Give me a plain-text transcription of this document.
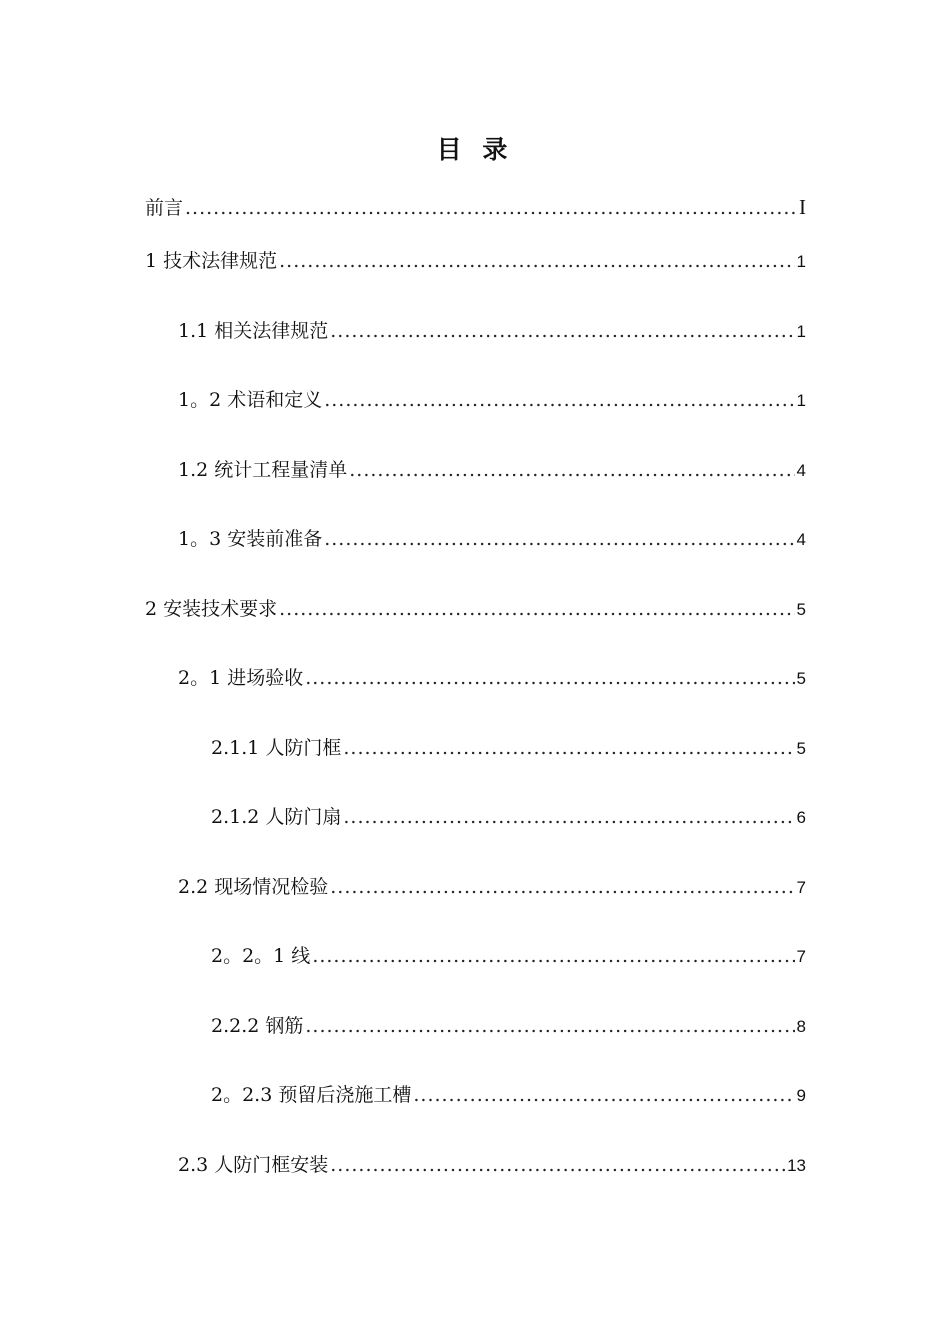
目 录
前言 .....	I
1 技术法律规范 .....	1
1.1 相关法律规范 .....	1
1。2 术语和定义 .....	1
1.2 统计工程量清单 .....	4
1。3 安装前准备 .....	4
2 安装技术要求 .....	5
2。1 进场验收 .....	5
2.1.1 人防门框 .....	5
2.1.2 人防门扇 .....	6
2.2 现场情况检验 .....	7
2。2。1 线 .....	7
2.2.2 钢筋 .....	8
2。2.3 预留后浇施工槽 .....	9
2.3 人防门框安装 .....	13
